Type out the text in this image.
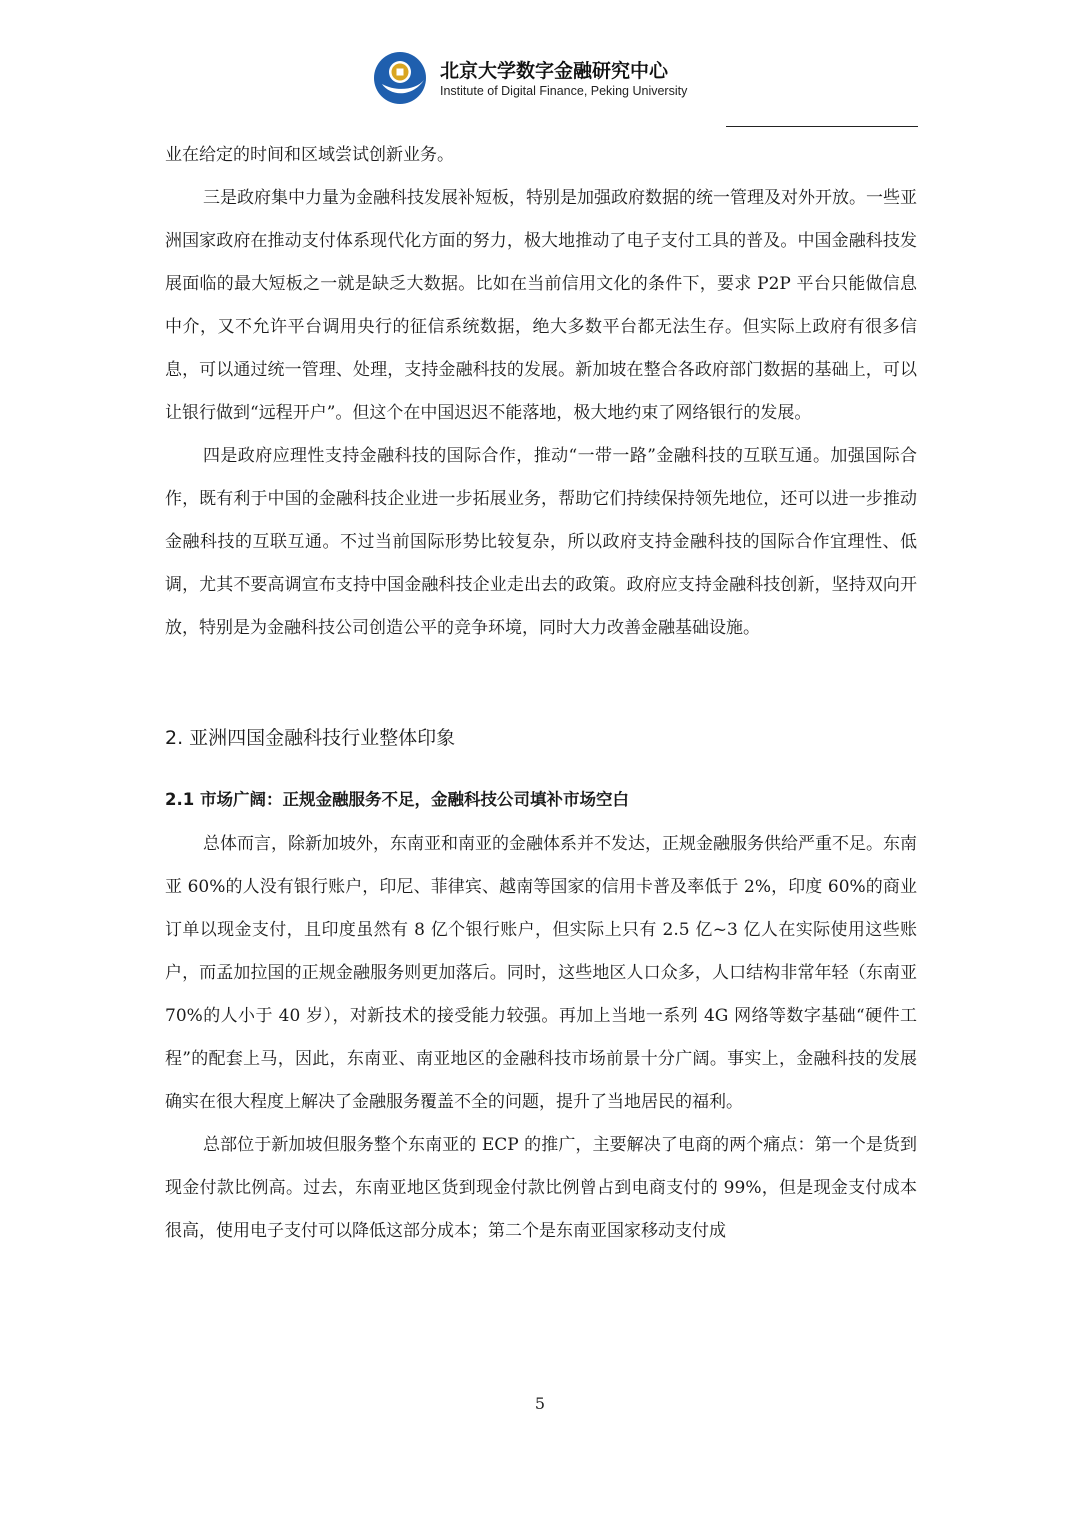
北京大学数字金融研究中心
Institute of Digital Finance, Peking University

业在给定的时间和区域尝试创新业务。

三是政府集中力量为金融科技发展补短板，特别是加强政府数据的统一管理及对外开放。一些亚洲国家政府在推动支付体系现代化方面的努力，极大地推动了电子支付工具的普及。中国金融科技发展面临的最大短板之一就是缺乏大数据。比如在当前信用文化的条件下，要求 P2P 平台只能做信息中介，又不允许平台调用央行的征信系统数据，绝大多数平台都无法生存。但实际上政府有很多信息，可以通过统一管理、处理，支持金融科技的发展。新加坡在整合各政府部门数据的基础上，可以让银行做到“远程开户”。但这个在中国迟迟不能落地，极大地约束了网络银行的发展。

四是政府应理性支持金融科技的国际合作，推动“一带一路”金融科技的互联互通。加强国际合作，既有利于中国的金融科技企业进一步拓展业务，帮助它们持续保持领先地位，还可以进一步推动金融科技的互联互通。不过当前国际形势比较复杂，所以政府支持金融科技的国际合作宜理性、低调，尤其不要高调宣布支持中国金融科技企业走出去的政策。政府应支持金融科技创新，坚持双向开放，特别是为金融科技公司创造公平的竞争环境，同时大力改善金融基础设施。

2. 亚洲四国金融科技行业整体印象
2.1 市场广阔：正规金融服务不足，金融科技公司填补市场空白

总体而言，除新加坡外，东南亚和南亚的金融体系并不发达，正规金融服务供给严重不足。东南亚 60%的人没有银行账户，印尼、菲律宾、越南等国家的信用卡普及率低于 2%，印度 60%的商业订单以现金支付，且印度虽然有 8 亿个银行账户，但实际上只有 2.5 亿~3 亿人在实际使用这些账户，而孟加拉国的正规金融服务则更加落后。同时，这些地区人口众多，人口结构非常年轻（东南亚 70%的人小于 40 岁），对新技术的接受能力较强。再加上当地一系列 4G 网络等数字基础“硬件工程”的配套上马，因此，东南亚、南亚地区的金融科技市场前景十分广阔。事实上，金融科技的发展确实在很大程度上解决了金融服务覆盖不全的问题，提升了当地居民的福利。

总部位于新加坡但服务整个东南亚的 ECP 的推广，主要解决了电商的两个痛点：第一个是货到现金付款比例高。过去，东南亚地区货到现金付款比例曾占到电商支付的 99%，但是现金支付成本很高，使用电子支付可以降低这部分成本；第二个是东南亚国家移动支付成

5
